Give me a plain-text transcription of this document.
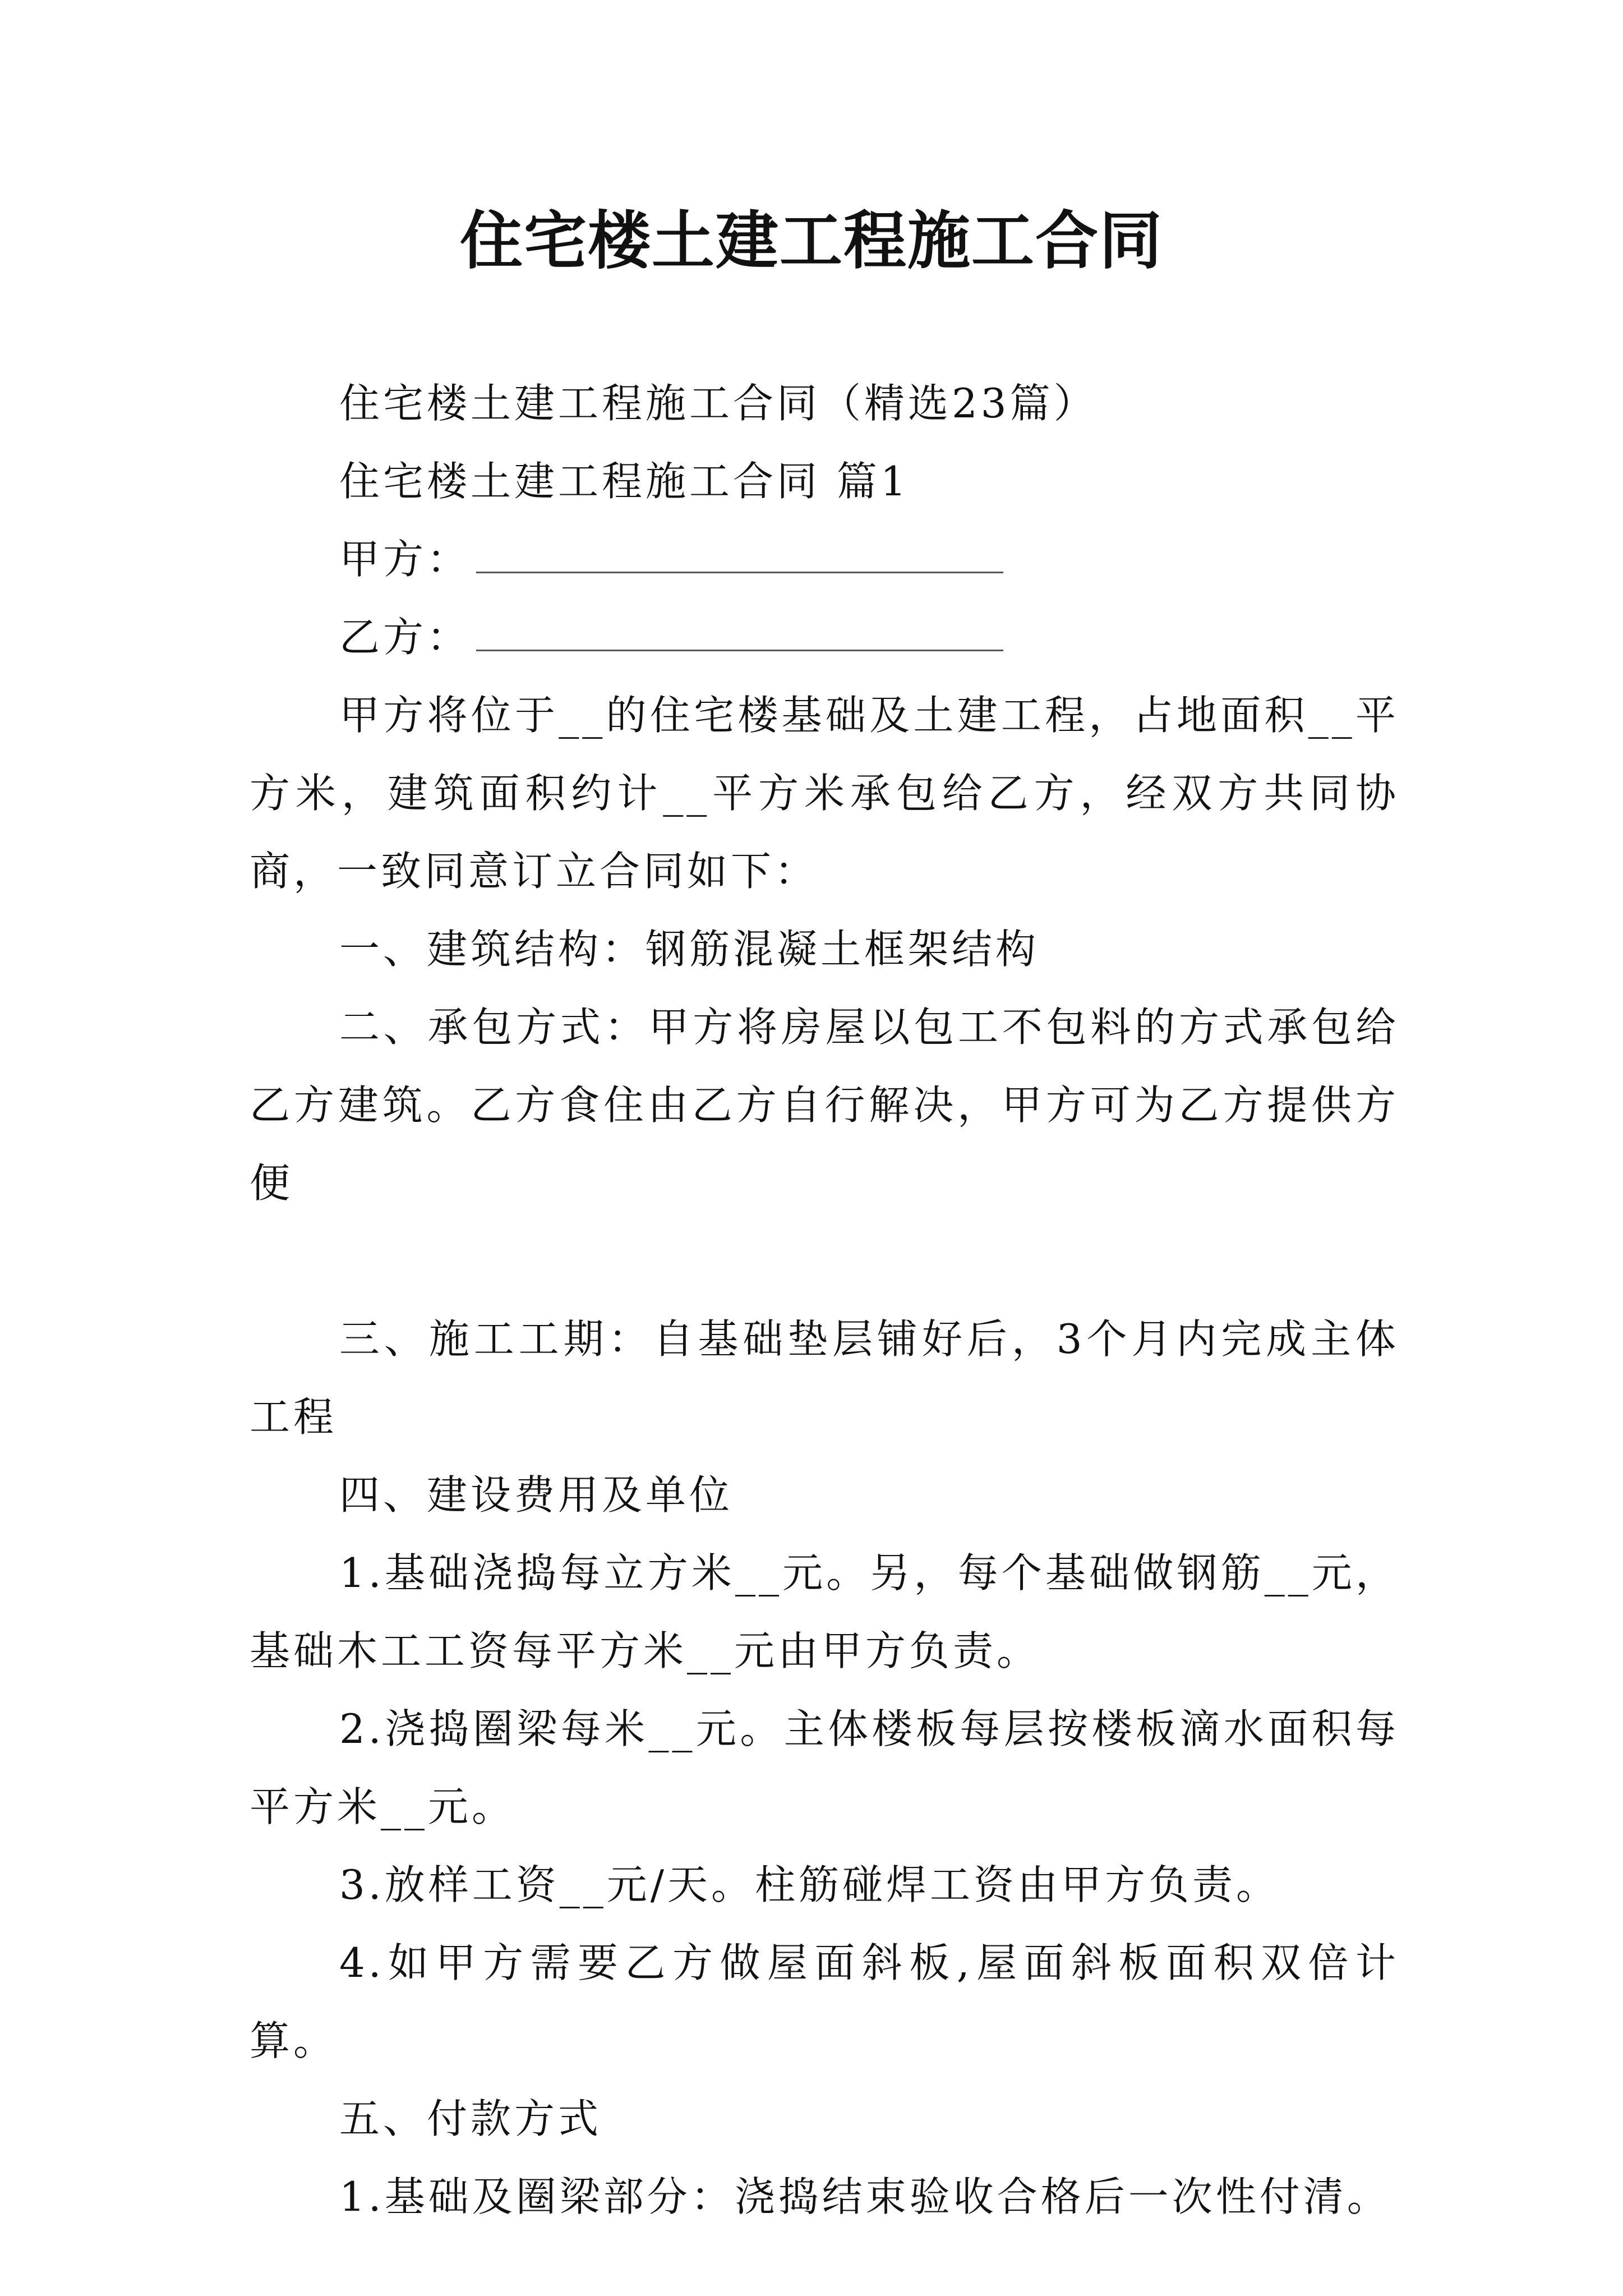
住宅楼土建工程施工合同

住宅楼土建工程施工合同（精选23篇）

住宅楼土建工程施工合同 篇1

甲方：

乙方：

甲方将位于__的住宅楼基础及土建工程，占地面积__平方米，建筑面积约计__平方米承包给乙方，经双方共同协商，一致同意订立合同如下：

一、建筑结构：钢筋混凝土框架结构

二、承包方式：甲方将房屋以包工不包料的方式承包给乙方建筑。乙方食住由乙方自行解决，甲方可为乙方提供方便

三、施工工期：自基础垫层铺好后，3个月内完成主体工程

四、建设费用及单位

1.基础浇捣每立方米__元。另，每个基础做钢筋__元，基础木工工资每平方米__元由甲方负责。

2.浇捣圈梁每米__元。主体楼板每层按楼板滴水面积每平方米__元。

3.放样工资__元/天。柱筋碰焊工资由甲方负责。

4.如甲方需要乙方做屋面斜板,屋面斜板面积双倍计算。

五、付款方式

1.基础及圈梁部分：浇捣结束验收合格后一次性付清。
